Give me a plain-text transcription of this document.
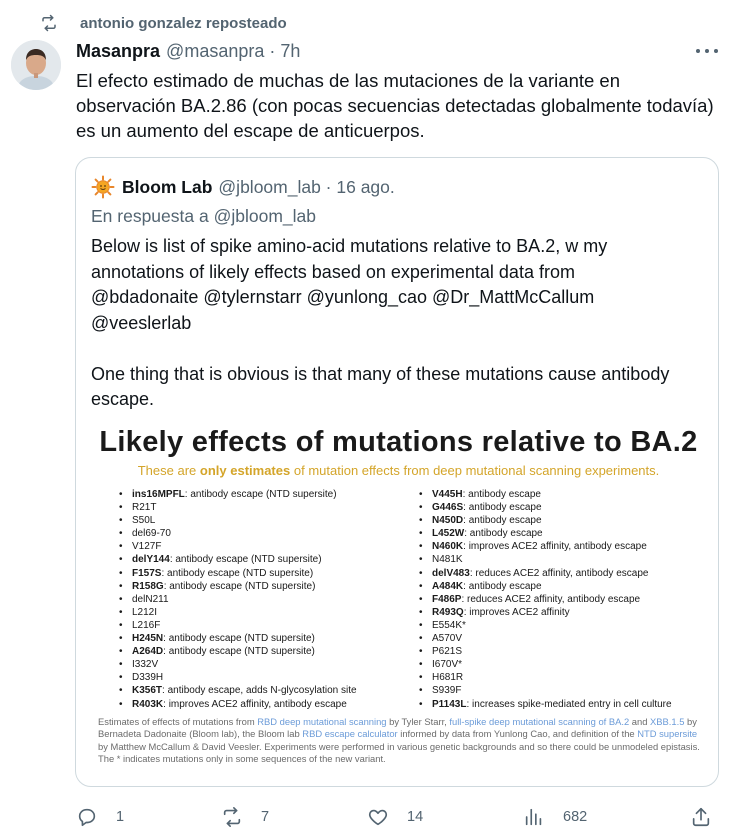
antonio gonzalez reposteado
Masanpra @masanpra · 7h
El efecto estimado de muchas de las mutaciones de la variante en observación BA.2.86 (con pocas secuencias detectadas globalmente todavía) es un aumento del escape de anticuerpos.
Bloom Lab @jbloom_lab · 16 ago.
En respuesta a @jbloom_lab

Below is list of spike amino-acid mutations relative to BA.2, w my annotations of likely effects based on experimental data from @bdadonaite @tylernstarr @yunlong_cao @Dr_MattMcCallum @veeslerlab

One thing that is obvious is that many of these mutations cause antibody escape.

Likely effects of mutations relative to BA.2
These are only estimates of mutation effects from deep mutational scanning experiments.
• ins16MPFL : antibody escape (NTD supersite)
• R21T
• S50L
• del69-70
• V127F
• delY144 : antibody escape (NTD supersite)
• F157S : antibody escape (NTD supersite)
• R158G : antibody escape (NTD supersite)
• delN211
• L212I
• L216F
• H245N : antibody escape (NTD supersite)
• A264D : antibody escape (NTD supersite)
• I332V
• D339H
• K356T : antibody escape, adds N-glycosylation site
• R403K : improves ACE2 affinity, antibody escape
• V445H : antibody escape
• G446S : antibody escape
• N450D : antibody escape
• L452W : antibody escape
• N460K : improves ACE2 affinity, antibody escape
• N481K
• delV483 : reduces ACE2 affinity, antibody escape
• A484K : antibody escape
• F486P : reduces ACE2 affinity, antibody escape
• R493Q : improves ACE2 affinity
• E554K*
• A570V
• P621S
• I670V*
• H681R
• S939F
• P1143L : increases spike-mediated entry in cell culture
Estimates of effects of mutations from RBD deep mutational scanning by Tyler Starr, full-spike deep mutational scanning of BA.2 and XBB.1.5 by Bernadeta Dadonaite (Bloom lab), the Bloom lab RBD escape calculator informed by data from Yunlong Cao, and definition of the NTD supersite by Matthew McCallum & David Veesler. Experiments were performed in various genetic backgrounds and so there could be unmodeled epistasis. The * indicates mutations only in some sequences of the new variant.
1	7	14	682
